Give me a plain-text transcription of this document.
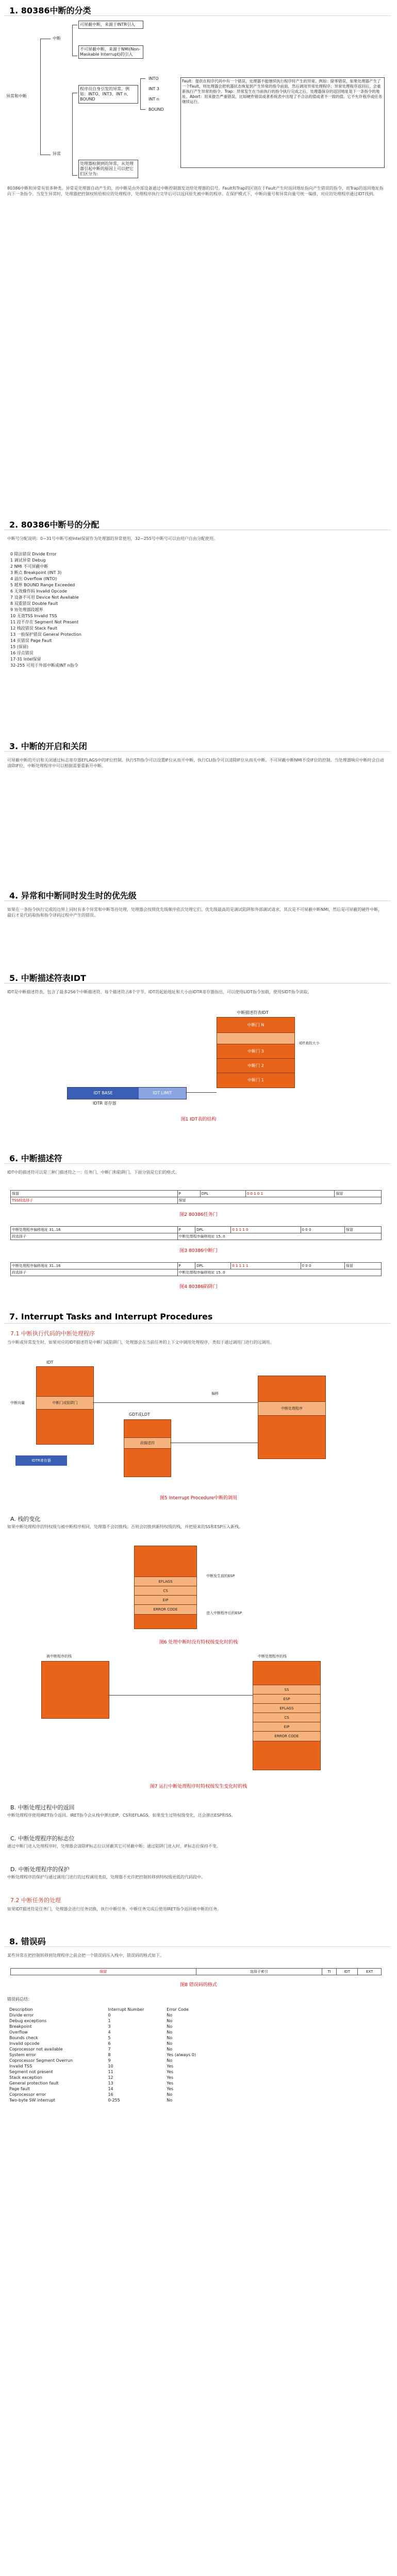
1. 80386中断的分类
异常和中断
中断
可屏蔽中断，来源于INTR引入
不可屏蔽中断，来源于NMI(Non-Maskable Interrupt)的引入
异常
程序员自身引发的异常。例如：INTO、INT3、INT n、BOUND
处理器检测到的异常，从处理器引起中断的原因上可以把它们区分为:
INTO
INT 3
INT n
BOUND
Fault：提供在程序代码中有一个错误，处理器不能继续执行程序时产生的异常。例如：除零错误，如果处理器产生了一个Fault，则处理器会把机器状态恢复到产生异常的指令前面，然后调用异常处理程序；异常处理程序返回后，会重新执行产生异常的指令。Trap：异常发生在当前执行的指令执行完成之后，处理器保存的返回地址是下一条指令的地址。Abort：用来报告严重错误，比如硬件错误或者系统表中出现了不合法的值或者不一致的值。它不允许程序或任务继续运行。
80386中断和异常有很多种类。异常是处理器自动产生的，而中断是由外部设备通过中断控制器发送给处理器的信号。Fault和Trap的区别在于Fault产生时返回地址指向产生错误的指令，而Trap的返回地址指向下一条指令。当发生异常时，处理器把控制权转给相应的处理程序，处理程序执行完毕后可以返回原先被中断的程序。在保护模式下，中断向量号和异常向量号统一编排，对应的处理程序通过IDT找到。
2. 80386中断号的分配
中断号分配说明：0~31号中断号被Intel保留作为处理器的异常使用，32~255号中断号可以由用户自由分配使用。
0 除法错误 Divide Error
1 调试异常 Debug
2 NMI 不可屏蔽中断
3 断点 Breakpoint (INT 3)
4 溢出 Overflow (INTO)
5 越界 BOUND Range Exceeded
6 无效操作码 Invalid Opcode
7 设备不可用 Device Not Available
8 双重错误 Double Fault
9 协处理器段越界
10 无效TSS Invalid TSS
11 段不存在 Segment Not Present
12 栈段错误 Stack Fault
13 一般保护错误 General Protection
14 页错误 Page Fault
15 (保留)
16 浮点错误
17-31 Intel保留
32-255 可用于外部中断或INT n指令
3. 中断的开启和关闭
可屏蔽中断的开启和关闭通过标志寄存器EFLAGS中的IF位控制。执行STI指令可以设置IF位从而开中断，执行CLI指令可以清除IF位从而关中断。不可屏蔽中断NMI不受IF位的控制。当处理器响应中断时会自动清除IF位，中断处理程序中可以根据需要重新开中断。
4. 异常和中断同时发生时的优先级
如果在一条指令执行完成的边界上同时有多个异常和中断等待处理，处理器会按照优先级顺序依次处理它们。优先级最高的是调试陷阱和外部调试请求，其次是不可屏蔽中断NMI，然后是可屏蔽的硬件中断，最后才是代码取指和指令译码过程中产生的错误。
5. 中断描述符表IDT
IDT是中断描述符表，包含了最多256个中断描述符，每个描述符占8个字节。IDT的起始地址和大小由IDTR寄存器指出，可以使用LIDT指令加载，使用SIDT指令读取。
中断描述符表IDT
中断门 N
中断门 3
中断门 2
中断门 1
IDT BASE	IDT LIMIT
IDTR 寄存器
IDT表的大小
图1 IDT表的结构
6. 中断描述符
IDT中的描述符可以是三种门描述符之一：任务门、中断门和陷阱门。下面分别是它们的格式。
保留	P	DPL	0 0 1 0 1	保留
TSS段选择子	保留			
图2 80386任务门
中断处理程序偏移地址 31..16	P	DPL	0 1 1 1 0	0 0 0	保留
段选择子	中断处理程序偏移地址 15..0				
图3 80386中断门
中断处理程序偏移地址 31..16	P	DPL	0 1 1 1 1	0 0 0	保留
段选择子	中断处理程序偏移地址 15..0				
图4 80386陷阱门
7. Interrupt Tasks and Interrupt Procedures
7.1 中断执行代码的中断处理程序
当中断或异常发生时，如果对应的IDT描述符是中断门或陷阱门，处理器会在当前任务的上下文中调用处理程序，类似于通过调用门进行的远调用。
IDT
中断门或陷阱门
中断向量
IDTR寄存器
GDT或LDT
段描述符
中断处理程序
偏移
图5 Interrupt Procedure中断的调用
A. 栈的变化
如果中断处理程序的特权级与被中断程序相同，处理器不会切换栈；否则会切换到新特权级的栈，并把原来的SS和ESP压入新栈。
EFLAGS
CS
EIP
ERROR CODE
中断发生前的ESP
进入中断程序后的ESP
图6 处理中断时没有特权级变化时的栈
被中断程序的栈	中断处理程序的栈
SS
ESP
EFLAGS
CS
EIP
ERROR CODE
图7 运行中断处理程序时特权级发生变化时的栈
B. 中断处理过程中的返回
中断处理程序使用IRET指令返回。IRET指令会从栈中弹出EIP、CS和EFLAGS，如果发生过特权级变化，还会弹出ESP和SS。
C. 中断处理程序的标志位
通过中断门进入处理程序时，处理器会清除IF标志位以屏蔽其它可屏蔽中断；通过陷阱门进入时，IF标志位保持不变。
D. 中断处理程序的保护
中断处理程序的保护与通过调用门进行的过程调用类似，处理器不允许把控制转移到特权级更低的代码段中。
7.2 中断任务的处理
如果IDT描述符是任务门，处理器会进行任务切换，执行中断任务。中断任务完成后使用IRET指令返回被中断的任务。
8. 错误码
某些异常在把控制转移到处理程序之前会把一个错误码压入栈中，错误码的格式如下。
保留	选择子索引	TI	IDT	EXT
图8 错误码的格式
错误码总结：
Description	Interrupt Number	Error Code
Divide error	0	No
Debug exceptions	1	No
Breakpoint	3	No
Overflow	4	No
Bounds check	5	No
Invalid opcode	6	No
Coprocessor not available	7	No
System error	8	Yes (always 0)
Coprocessor Segment Overrun	9	No
Invalid TSS	10	Yes
Segment not present	11	Yes
Stack exception	12	Yes
General protection fault	13	Yes
Page fault	14	Yes
Coprocessor error	16	No
Two-byte SW interrupt	0-255	No
